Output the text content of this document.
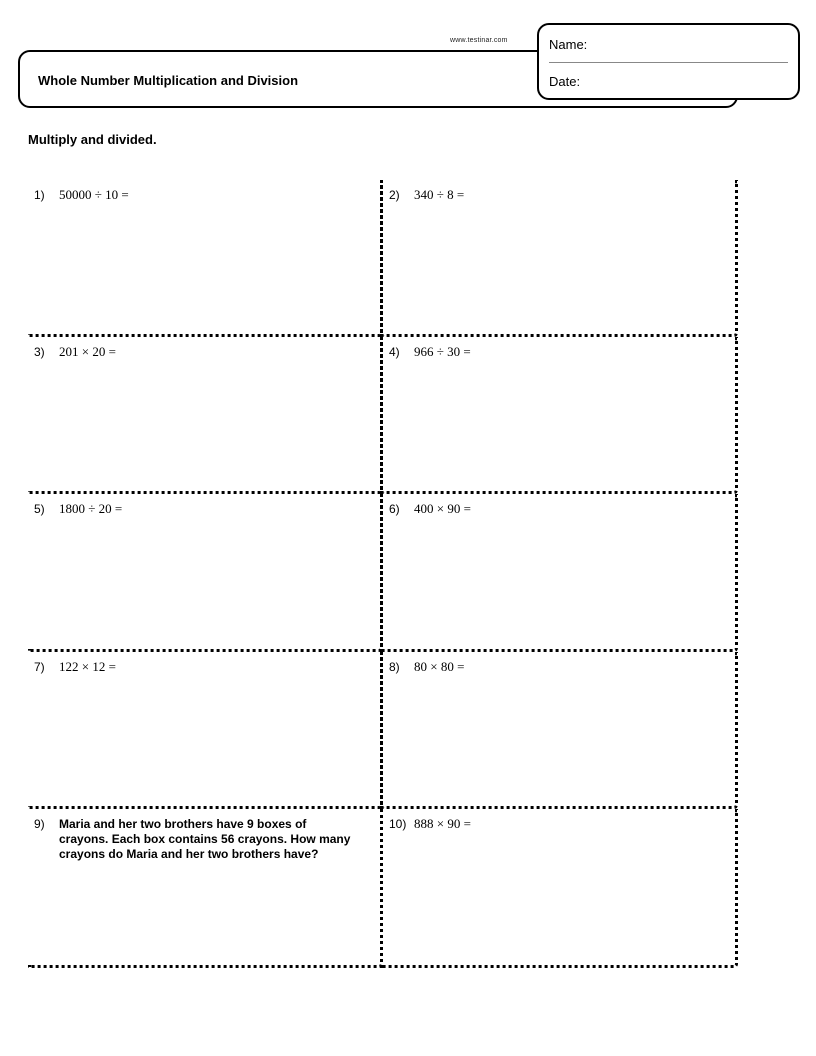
www.testinar.com
Whole Number Multiplication and Division
Name:
Date:
Multiply and divided.
1) 50000 ÷ 10 =	2) 340 ÷ 8 =
3) 201 × 20 =	4) 966 ÷ 30 =
5) 1800 ÷ 20 =	6) 400 × 90 =
7) 122 × 12 =	8) 80 × 80 =
9) Maria and her two brothers have 9 boxes of crayons. Each box contains 56 crayons. How many crayons do Maria and her two brothers have?
10) 888 × 90 =
